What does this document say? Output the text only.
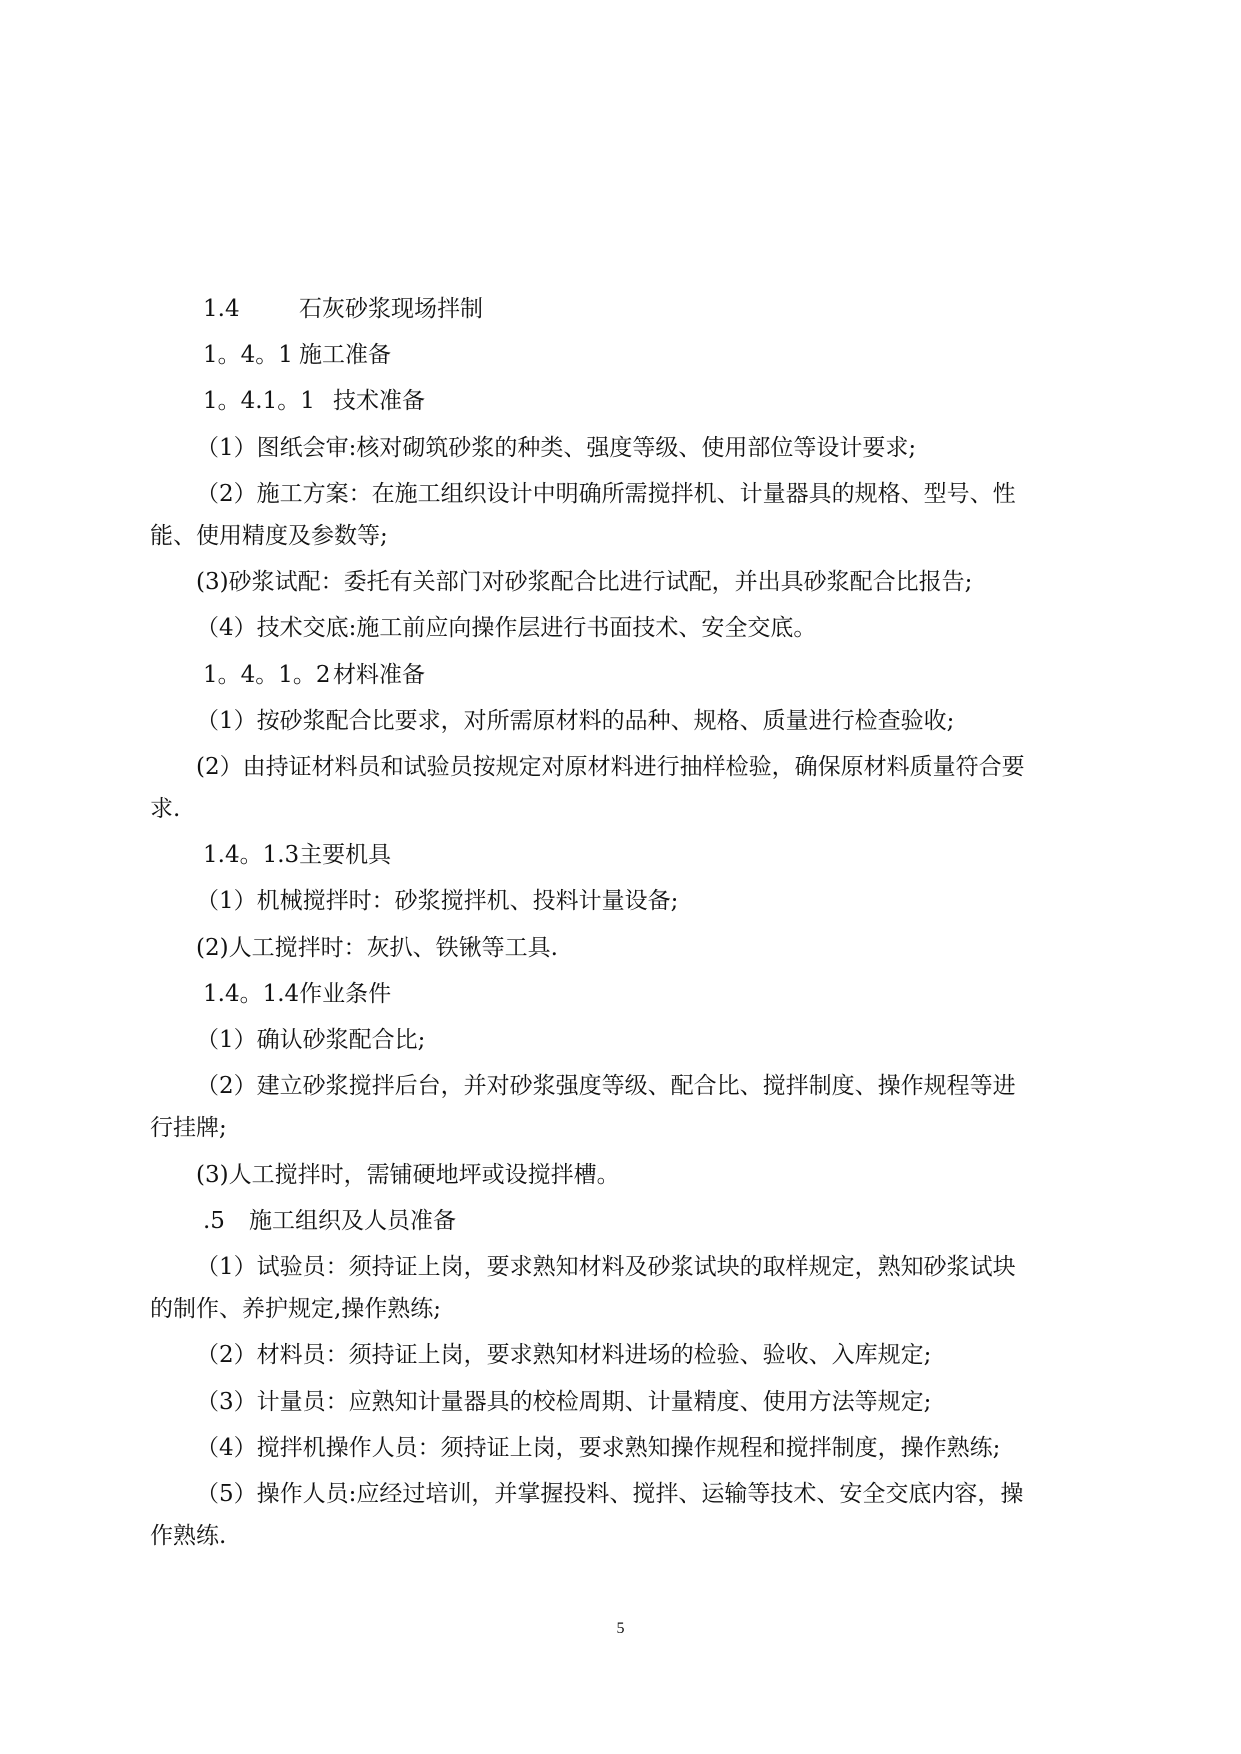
1.4	石灰砂浆现场拌制
1。4。1 施工准备
1。4.1。1 技术准备
（1）图纸会审:核对砌筑砂浆的种类、强度等级、使用部位等设计要求;
（2）施工方案：在施工组织设计中明确所需搅拌机、计量器具的规格、型号、性
能、使用精度及参数等;
(3)砂浆试配：委托有关部门对砂浆配合比进行试配，并出具砂浆配合比报告;
（4）技术交底:施工前应向操作层进行书面技术、安全交底。
1。4。1。2 材料准备
（1）按砂浆配合比要求，对所需原材料的品种、规格、质量进行检查验收;
(2）由持证材料员和试验员按规定对原材料进行抽样检验，确保原材料质量符合要
求.
1.4。1.3主要机具
（1）机械搅拌时：砂浆搅拌机、投料计量设备;
(2)人工搅拌时：灰扒、铁锹等工具.
1.4。1.4作业条件
（1）确认砂浆配合比;
（2）建立砂浆搅拌后台，并对砂浆强度等级、配合比、搅拌制度、操作规程等进
行挂牌;
(3)人工搅拌时，需铺硬地坪或设搅拌槽。
.5 施工组织及人员准备
（1）试验员：须持证上岗，要求熟知材料及砂浆试块的取样规定，熟知砂浆试块
的制作、养护规定,操作熟练;
（2）材料员：须持证上岗，要求熟知材料进场的检验、验收、入库规定;
（3）计量员：应熟知计量器具的校检周期、计量精度、使用方法等规定;
（4）搅拌机操作人员：须持证上岗，要求熟知操作规程和搅拌制度，操作熟练;
（5）操作人员:应经过培训，并掌握投料、搅拌、运输等技术、安全交底内容，操
作熟练.
5
